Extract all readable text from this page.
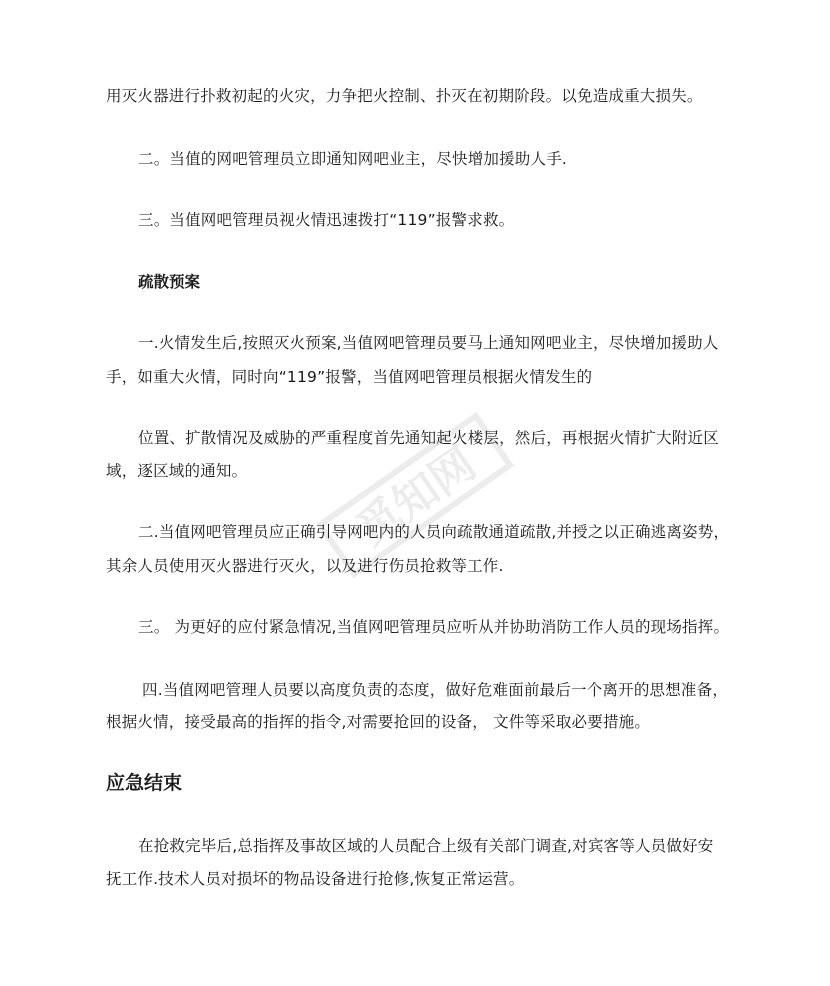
用灭火器进行扑救初起的火灾，力争把火控制、扑灭在初期阶段。以免造成重大损失。
二。当值的网吧管理员立即通知网吧业主，尽快增加援助人手.
三。当值网吧管理员视火情迅速拨打“119”报警求救。
疏散预案
一.火情发生后,按照灭火预案,当值网吧管理员要马上通知网吧业主，尽快增加援助人
手，如重大火情，同时向“119”报警，当值网吧管理员根据火情发生的
位置、扩散情况及威胁的严重程度首先通知起火楼层，然后，再根据火情扩大附近区
域，逐区域的通知。
二.当值网吧管理员应正确引导网吧内的人员向疏散通道疏散,并授之以正确逃离姿势，
其余人员使用灭火器进行灭火，以及进行伤员抢救等工作.
三。 为更好的应付紧急情况,当值网吧管理员应听从并协助消防工作人员的现场指挥。
四.当值网吧管理人员要以高度负责的态度，做好危难面前最后一个离开的思想准备，
根据火情，接受最高的指挥的指令,对需要抢回的设备， 文件等采取必要措施。
应急结束
在抢救完毕后,总指挥及事故区域的人员配合上级有关部门调查,对宾客等人员做好安
抚工作.技术人员对损坏的物品设备进行抢修,恢复正常运营。
觅知网
